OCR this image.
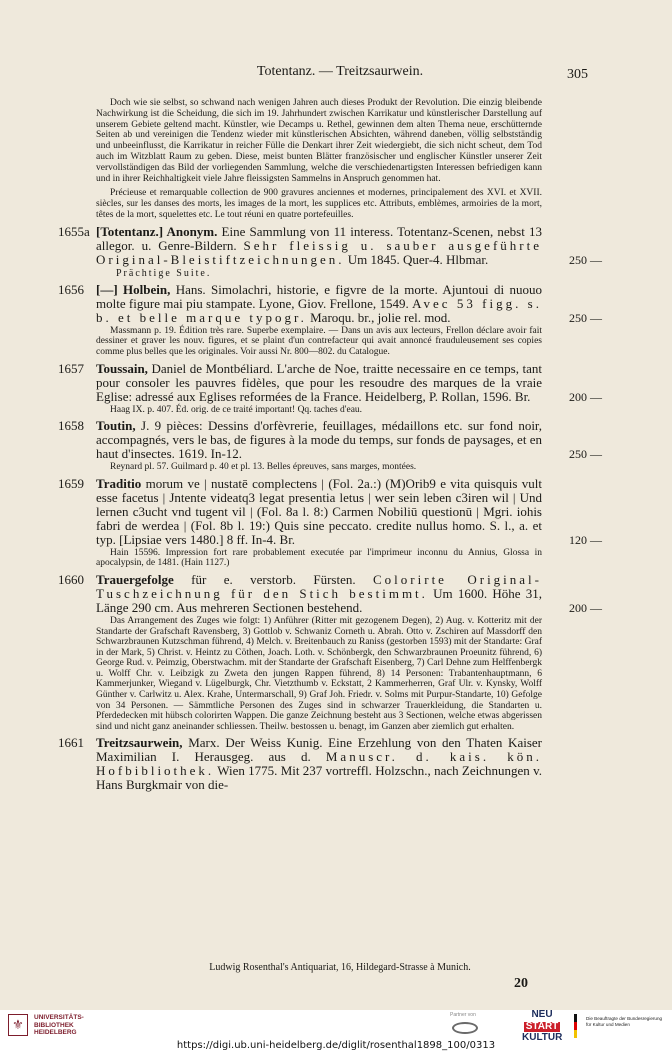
Totentanz. — Treitzsaurwein.	305

Doch wie sie selbst, so schwand nach wenigen Jahren auch dieses Produkt der Revolution. Die einzig bleibende Nachwirkung ist die Scheidung, die sich im 19. Jahrhundert zwischen Karrikatur und künstlerischer Darstellung auf unserem Gebiete geltend macht. Künstler, wie Decamps u. Rethel, gewinnen dem alten Thema neue, erschütternde Seiten ab und vereinigen die Tendenz wieder mit künstlerischen Absichten, während daneben, völlig selbstständig und unbeeinflusst, die Karrikatur in reicher Fülle die Denkart ihrer Zeit wiedergiebt, die sich nicht scheut, dem Tod auch im Witzblatt Raum zu geben. Diese, meist bunten Blätter französischer und englischer Künstler unserer Zeit vervollständigen das Bild der vorliegenden Sammlung, welche die verschiedenartigsten Interessen befriedigen kann und in ihrer Reichhaltigkeit viele Jahre fleissigsten Sammelns in Anspruch genommen hat.

Précieuse et remarquable collection de 900 gravures anciennes et modernes, principalement des XVI. et XVII. siècles, sur les danses des morts, les images de la mort, les supplices etc. Attributs, emblèmes, armoiries de la mort, têtes de la mort, squelettes etc. Le tout réuni en quatre portefeuilles.

1655a [Totentanz.] Anonym. Eine Sammlung von 11 interess. Totentanz-Scenen, nebst 13 allegor. u. Genre-Bildern. Sehr fleissig u. sauber ausgeführte Original-Bleistiftzeichnungen. Um 1845. Quer-4. Hlbmar.
Prächtige Suite.
250 —
1656 [—] Holbein, Hans. Simolachri, historie, e figvre de la morte. Ajuntoui di nuouo molte figure mai piu stampate. Lyone, Giov. Frellone, 1549. Avec 53 figg. s. b. et belle marque typogr. Maroqu. br., jolie rel. mod.
Massmann p. 19. Édition très rare. Superbe exemplaire. — Dans un avis aux lecteurs, Frellon déclare avoir fait dessiner et graver les nouv. figures, et se plaint d'un contrefacteur qui avait annoncé frauduleusement ses copies comme plus belles que les originales. Voir aussi Nr. 800—802. du Catalogue.
250 —
1657 Toussain, Daniel de Montbéliard. L'arche de Noe, traitte necessaire en ce temps, tant pour consoler les pauvres fidèles, que pour les resoudre des marques de la vraie Eglise: adressé aux Eglises reformées de la France. Heidelberg, P. Rollan, 1596. Br.
Haag IX. p. 407. Éd. orig. de ce traité important! Qq. taches d'eau.
200 —
1658 Toutin, J. 9 pièces: Dessins d'orfèvrerie, feuillages, médaillons etc. sur fond noir, accompagnés, vers le bas, de figures à la mode du temps, sur fonds de paysages, et en haut d'insectes. 1619. In-12.
Reynard pl. 57. Guilmard p. 40 et pl. 13. Belles épreuves, sans marges, montées.
250 —
1659 Traditio morum ve | nustatē complectens | (Fol. 2a.:) (M)Orib9 e vita quisquis vult esse facetus | Jntente videatq3 legat presentia letus | wer sein leben c3iren wil | Und lernen c3ucht vnd tugent vil | (Fol. 8a l. 8:) Carmen Nobiliū questionū | Mgri. iohis fabri de werdea | (Fol. 8b l. 19:) Quis sine peccato. credite nullus homo. S. l., a. et typ. [Lipsiae vers 1480.] 8 ff. In-4. Br.
Hain 15596. Impression fort rare probablement executée par l'imprimeur inconnu du Annius, Glossa in apocalypsin, de 1481. (Hain 1127.)
120 —
1660 Trauergefolge für e. verstorb. Fürsten. Colorirte Original-Tuschzeichnung für den Stich bestimmt. Um 1600. Höhe 31, Länge 290 cm. Aus mehreren Sectionen bestehend.
Das Arrangement des Zuges wie folgt: 1) Anführer (Ritter mit gezogenem Degen), 2) Aug. v. Kotteritz mit der Standarte der Grafschaft Ravensberg, 3) Gottlob v. Schwaniz Corneth u. Abrah. Otto v. Zschiren auf Massdorff den Schwarzbraunen Kutzschman führend, 4) Melch. v. Breitenbauch zu Raniss (gestorben 1593) mit der Standarte: Graf in der Mark, 5) Christ. v. Heintz zu Cöthen, Joach. Loth. v. Schönbergk, den Schwarzbraunen Proeunitz führend, 6) George Rud. v. Peimzig, Oberstwachm. mit der Standarte der Grafschaft Eisenberg, 7) Carl Dehne zum Helffenbergk u. Wolff Chr. v. Leibzigk zu Zweta den jungen Rappen führend, 8) 14 Personen: Trabantenhauptmann, 6 Kammerjunker, Wiegand v. Lügelburgk, Chr. Vietzthumb v. Eckstatt, 2 Kammerherren, Graf Ulr. v. Kynsky, Wolff Günther v. Carlwitz u. Alex. Krahe, Untermarschall, 9) Graf Joh. Friedr. v. Solms mit Purpur-Standarte, 10) Gefolge von 34 Personen. — Sämmtliche Personen des Zuges sind in schwarzer Trauerkleidung, die Standarten u. Pferdedecken mit hübsch colorirten Wappen. Die ganze Zeichnung besteht aus 3 Sectionen, welche etwas abgerissen sind und nicht ganz aneinander schliessen. Theilw. bestossen u. benagt, im Ganzen aber ziemlich gut erhalten.
200 —
1661 Treitzsaurwein, Marx. Der Weiss Kunig. Eine Erzehlung von den Thaten Kaiser Maximilian I. Herausgeg. aus d. Manuscr. d. kais. kön. Hofbibliothek. Wien 1775. Mit 237 vortreffl. Holzschn., nach Zeichnungen v. Hans Burgkmair von die-
Ludwig Rosenthal's Antiquariat, 16, Hildegard-Strasse à Munich.
20
⚜	UNIVERSITÄTS-
BIBLIOTHEK
HEIDELBERG
Partner von	NEU
START
KULTUR
Die Beauftragte der Bundesregierung
für Kultur und Medien
https://digi.ub.uni-heidelberg.de/diglit/rosenthal1898_100/0313
